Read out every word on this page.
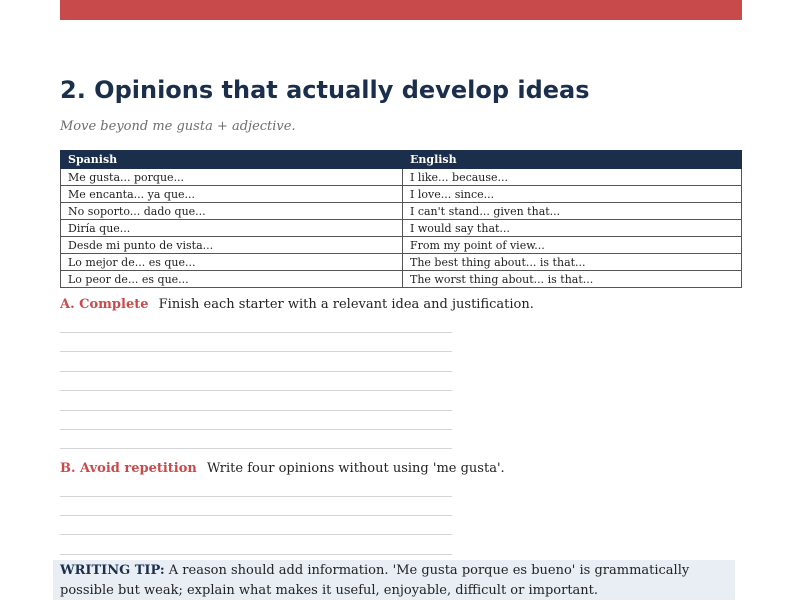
2. Opinions that actually develop ideas

Move beyond me gusta + adjective.

Spanish	English
Me gusta... porque...	I like... because...
Me encanta... ya que...	I love... since...
No soporto... dado que...	I can't stand... given that...
Diría que...	I would say that...
Desde mi punto de vista...	From my point of view...
Lo mejor de... es que...	The best thing about... is that...
Lo peor de... es que...	The worst thing about... is that...
A. Complete Finish each starter with a relevant idea and justification.
B. Avoid repetition Write four opinions without using 'me gusta'.
WRITING TIP: A reason should add information. 'Me gusta porque es bueno' is grammatically possible but weak; explain what makes it useful, enjoyable, difficult or important.
